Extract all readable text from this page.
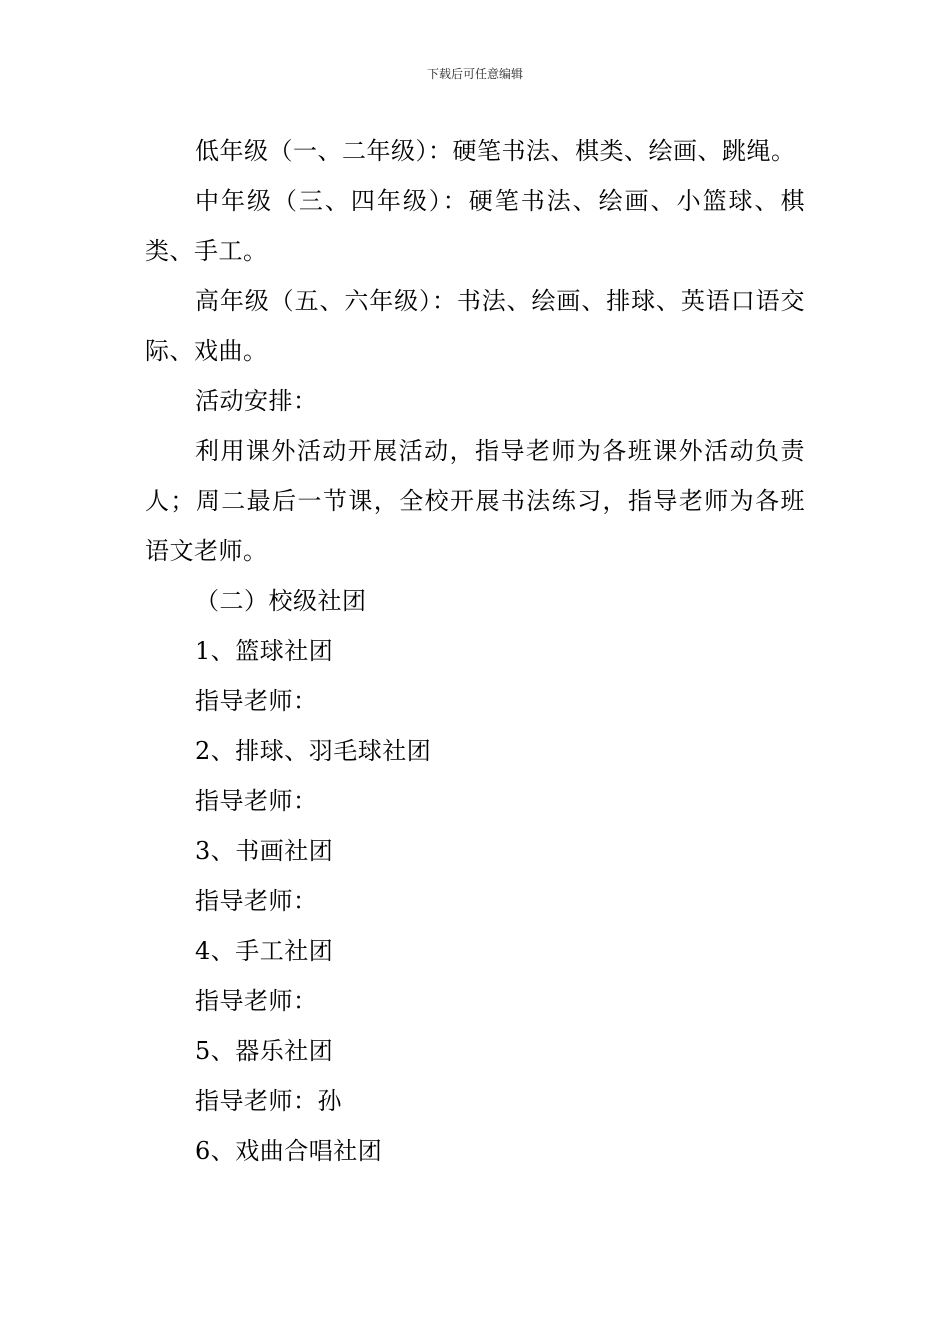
下载后可任意编辑

低年级（一、二年级）：硬笔书法、棋类、绘画、跳绳。

中年级（三、四年级）：硬笔书法、绘画、小篮球、棋类、手工。

高年级（五、六年级）：书法、绘画、排球、英语口语交际、戏曲。

活动安排：

利用课外活动开展活动，指导老师为各班课外活动负责人；周二最后一节课，全校开展书法练习，指导老师为各班语文老师。

（二）校级社团

1、篮球社团

指导老师：

2、排球、羽毛球社团

指导老师：

3、书画社团

指导老师：

4、手工社团

指导老师：

5、器乐社团

指导老师：孙

6、戏曲合唱社团
